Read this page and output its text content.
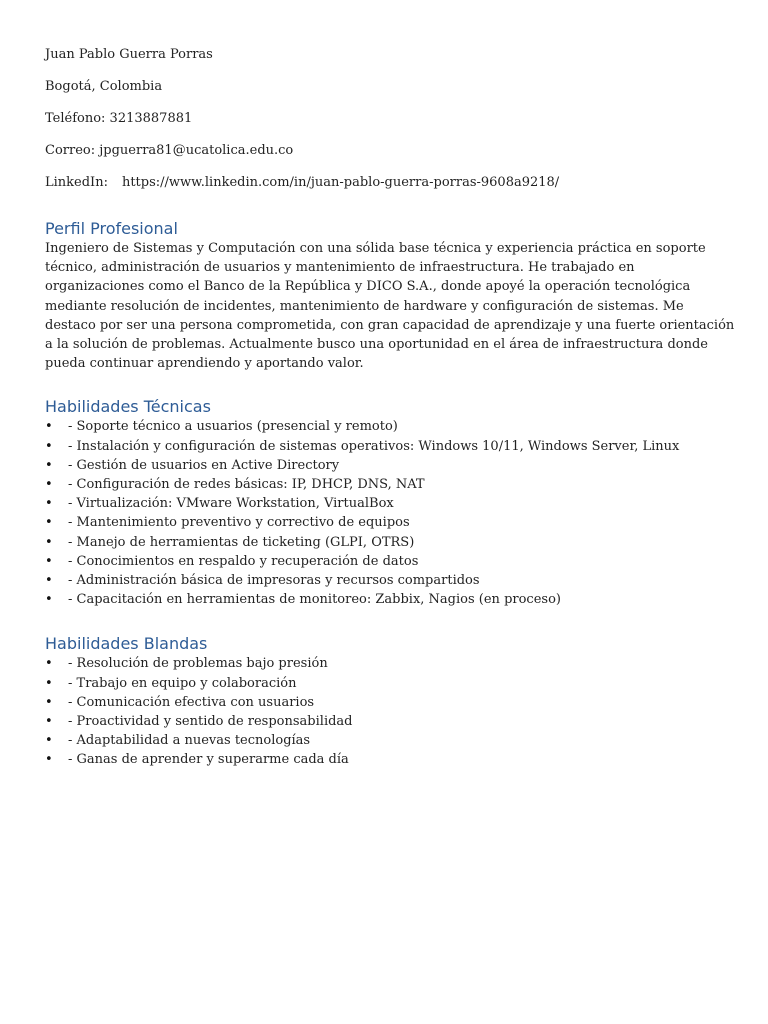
Juan Pablo Guerra Porras

Bogotá, Colombia

Teléfono: 3213887881

Correo: jpguerra81@ucatolica.edu.co

LinkedIn: https://www.linkedin.com/in/juan-pablo-guerra-porras-9608a9218/

Perfil Profesional

Ingeniero de Sistemas y Computación con una sólida base técnica y experiencia práctica en soporte técnico, administración de usuarios y mantenimiento de infraestructura. He trabajado en organizaciones como el Banco de la República y DICO S.A., donde apoyé la operación tecnológica mediante resolución de incidentes, mantenimiento de hardware y configuración de sistemas. Me destaco por ser una persona comprometida, con gran capacidad de aprendizaje y una fuerte orientación a la solución de problemas. Actualmente busco una oportunidad en el área de infraestructura donde pueda continuar aprendiendo y aportando valor.

Habilidades Técnicas
• - Soporte técnico a usuarios (presencial y remoto)
• - Instalación y configuración de sistemas operativos: Windows 10/11, Windows Server, Linux
• - Gestión de usuarios en Active Directory
• - Configuración de redes básicas: IP, DHCP, DNS, NAT
• - Virtualización: VMware Workstation, VirtualBox
• - Mantenimiento preventivo y correctivo de equipos
• - Manejo de herramientas de ticketing (GLPI, OTRS)
• - Conocimientos en respaldo y recuperación de datos
• - Administración básica de impresoras y recursos compartidos
• - Capacitación en herramientas de monitoreo: Zabbix, Nagios (en proceso)
Habilidades Blandas
• - Resolución de problemas bajo presión
• - Trabajo en equipo y colaboración
• - Comunicación efectiva con usuarios
• - Proactividad y sentido de responsabilidad
• - Adaptabilidad a nuevas tecnologías
• - Ganas de aprender y superarme cada día
